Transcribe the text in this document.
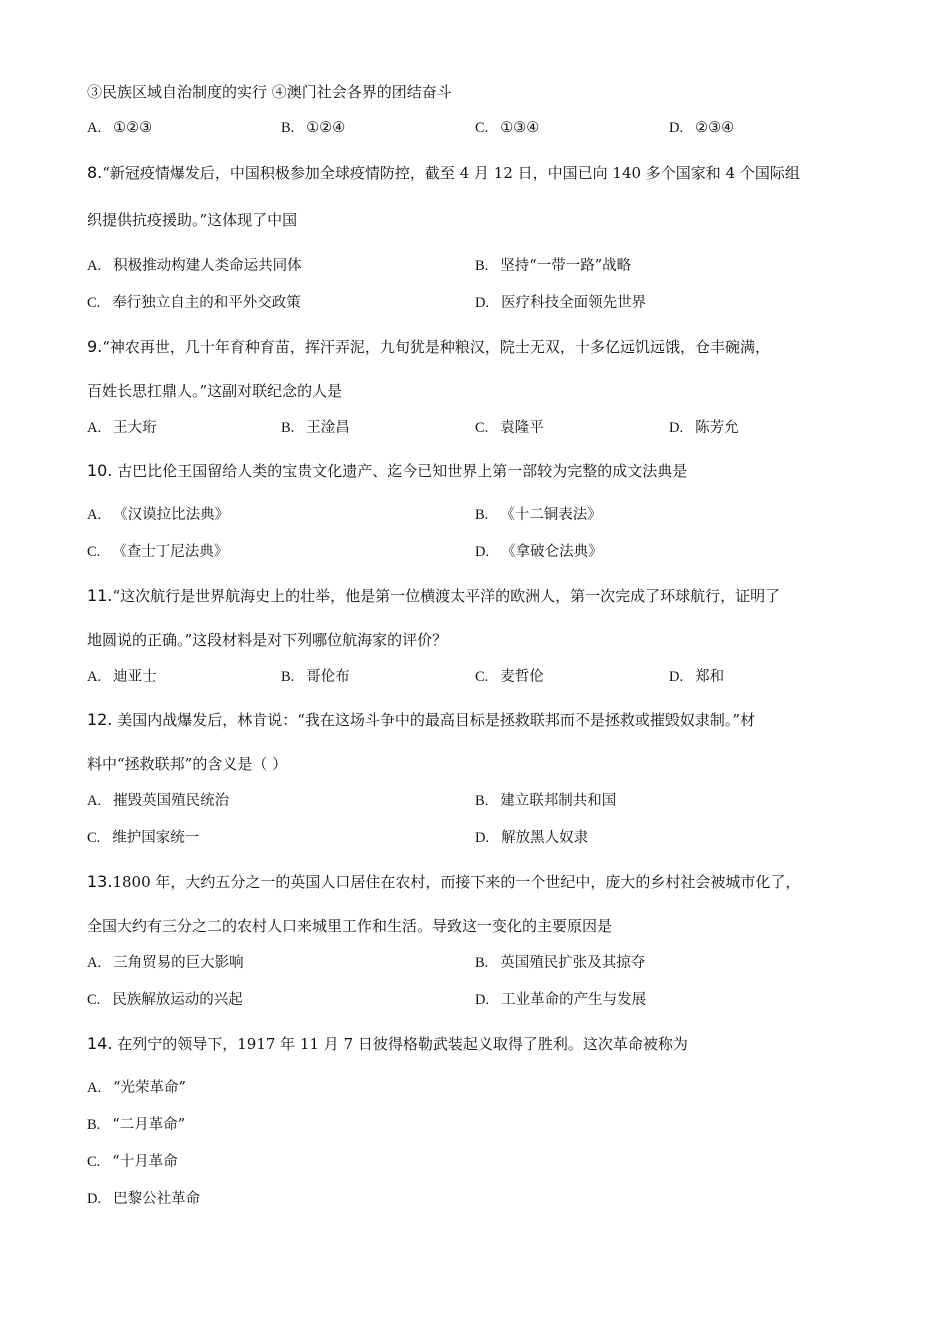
③民族区域自治制度的实行 ④澳门社会各界的团结奋斗
A. ①②③	B. ①②④	C. ①③④	D. ②③④
8.“新冠疫情爆发后，中国积极参加全球疫情防控，截至 4 月 12 日，中国已向 140 多个国家和 4 个国际组
织提供抗疫援助。”这体现了中国
A. 积极推动构建人类命运共同体	B. 坚持“一带一路”战略
C. 奉行独立自主的和平外交政策	D. 医疗科技全面领先世界
9.“神农再世，几十年育种育苗，挥汗弄泥，九旬犹是种粮汉，院士无双，十多亿远饥远饿，仓丰碗满，
百姓长思扛鼎人。”这副对联纪念的人是
A. 王大珩	B. 王淦昌	C. 袁隆平	D. 陈芳允
10. 古巴比伦王国留给人类的宝贵文化遗产、迄今已知世界上第一部较为完整的成文法典是
A. 《汉谟拉比法典》	B. 《十二铜表法》
C. 《查士丁尼法典》	D. 《拿破仑法典》
11.“这次航行是世界航海史上的壮举，他是第一位横渡太平洋的欧洲人，第一次完成了环球航行，证明了
地圆说的正确。”这段材料是对下列哪位航海家的评价？
A. 迪亚士	B. 哥伦布	C. 麦哲伦	D. 郑和
12. 美国内战爆发后，林肯说：“我在这场斗争中的最高目标是拯救联邦而不是拯救或摧毁奴隶制。”材
料中“拯救联邦”的含义是（ ）
A. 摧毁英国殖民统治	B. 建立联邦制共和国
C. 维护国家统一	D. 解放黑人奴隶
13.1800 年，大约五分之一的英国人口居住在农村，而接下来的一个世纪中，庞大的乡村社会被城市化了，
全国大约有三分之二的农村人口来城里工作和生活。导致这一变化的主要原因是
A. 三角贸易的巨大影响	B. 英国殖民扩张及其掠夺
C. 民族解放运动的兴起	D. 工业革命的产生与发展
14. 在列宁的领导下，1917 年 11 月 7 日彼得格勒武装起义取得了胜利。这次革命被称为
A. “光荣革命”
B. “二月革命”
C. “十月革命
D. 巴黎公社革命
